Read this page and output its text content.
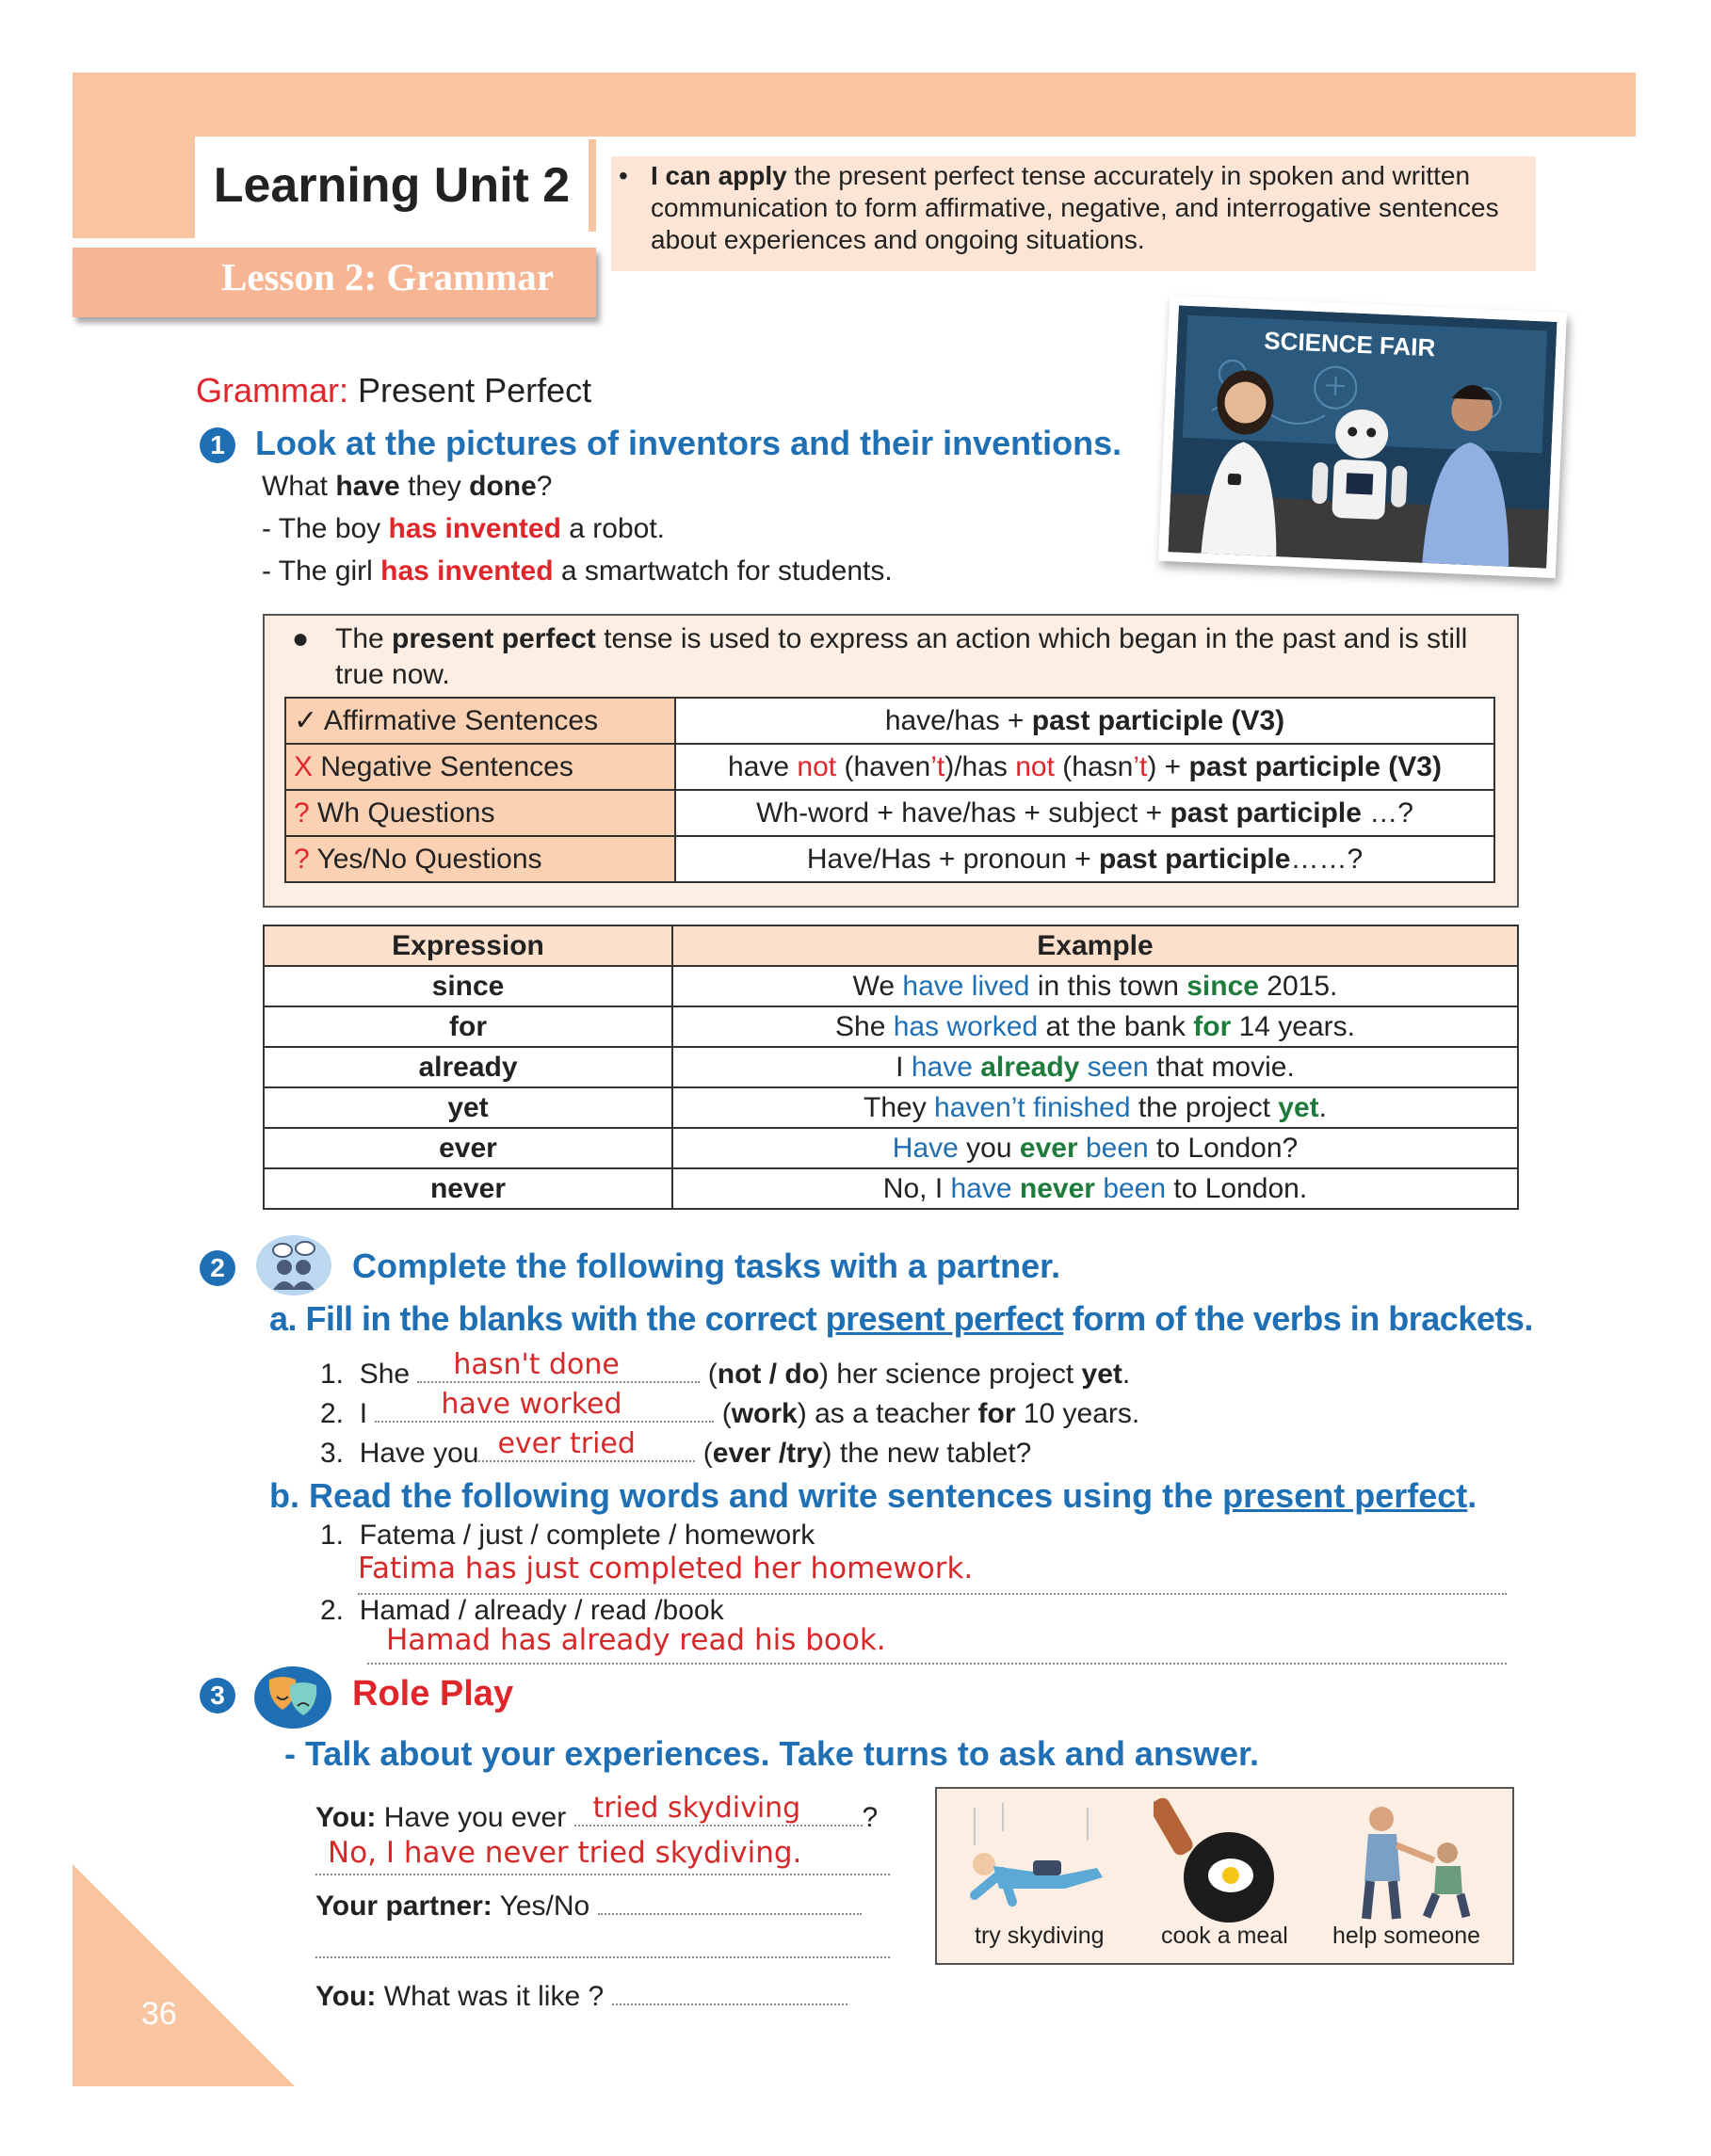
Learning Unit 2
Lesson 2: Grammar
• I can apply the present perfect tense accurately in spoken and written communication to form affirmative, negative, and interrogative sentences about experiences and ongoing situations.
SCIENCE FAIR
Grammar: Present Perfect
1 Look at the pictures of inventors and their inventions.
What have they done?
- The boy has invented a robot.
- The girl has invented a smartwatch for students.
● The present perfect tense is used to express an action which began in the past and is still true now.
✓ Affirmative Sentences	have/has + past participle (V3)
X Negative Sentences	have not (haven’t)/has not (hasn’t) + past participle (V3)
? Wh Questions	Wh-word + have/has + subject + past participle …?
? Yes/No Questions	Have/Has + pronoun + past participle……?
Expression	Example
since	We have lived in this town since 2015.
for	She has worked at the bank for 14 years.
already	I have already seen that movie.
yet	They haven’t finished the project yet.
ever	Have you ever been to London?
never	No, I have never been to London.
2	Complete the following tasks with a partner.
a. Fill in the blanks with the correct present perfect form of the verbs in brackets.
1. She hasn't done	(not / do) her science project yet.
2. I have worked	(work) as a teacher for 10 years.
3. Have you ever tried (ever /try) the new tablet?
b. Read the following words and write sentences using the present perfect.
1. Fatema / just / complete / homework
Fatima has just completed her homework.
2. Hamad / already / read /book
Hamad has already read his book.
3	Role Play
- Talk about your experiences. Take turns to ask and answer.
You: Have you ever tried skydiving ?
No, I have never tried skydiving.
Your partner: Yes/No
You: What was it like ?
try skydiving cook a meal help someone
36
